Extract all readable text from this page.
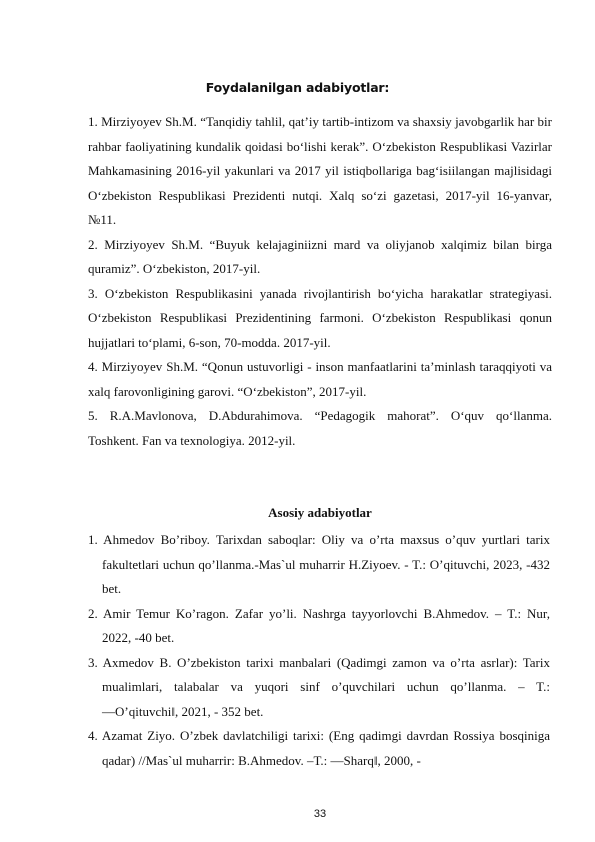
Foydalanilgan adabiyotlar:

1. Mirziyoyev Sh.M. “Tanqidiy tahlil, qat’iy tartib-intizom va shaxsiy javobgarlik har bir rahbar faoliyatining kundalik qoidasi bo‘lishi kerak”. O‘zbekiston Respublikasi Vazirlar Mahkamasining 2016-yil yakunlari va 2017 yil istiqbollariga bag‘isiilangan majlisidagi O‘zbekiston Respublikasi Prezidenti nutqi. Xalq so‘zi gazetasi, 2017-yil 16-yanvar, №11.

2. Mirziyoyev Sh.M. “Buyuk kelajaginiizni mard va oliyjanob xalqimiz bilan birga quramiz”. O‘zbekiston, 2017-yil.

3. O‘zbekiston Respublikasini yanada rivojlantirish bo‘yicha harakatlar strategiyasi. O‘zbekiston Respublikasi Prezidentining farmoni. O‘zbekiston Respublikasi qonun hujjatlari to‘plami, 6-son, 70-modda. 2017-yil.

4. Mirziyoyev Sh.M. “Qonun ustuvorligi - inson manfaatlarini ta’minlash taraqqiyoti va xalq farovonligining garovi. “O‘zbekiston”, 2017-yil.

5. R.A.Mavlonova, D.Abdurahimova. “Pedagogik mahorat”. O‘quv qo‘llanma. Toshkent. Fan va texnologiya. 2012-yil.

Asosiy adabiyotlar

1. Ahmedov Bo’riboy. Tarixdan saboqlar: Oliy va o’rta maxsus o’quv yurtlari tarix fakultetlari uchun qo’llanma.-Mas`ul muharrir H.Ziyoev. - T.: O’qituvchi, 2023, -432 bet.

2. Amir Temur Ko’ragon. Zafar yo’li. Nashrga tayyorlovchi B.Ahmedov. – T.: Nur, 2022, -40 bet.

3. Axmedov B. O’zbekiston tarixi manbalari (Qadimgi zamon va o’rta asrlar): Tarix mualimlari, talabalar va yuqori sinf o’quvchilari uchun qo’llanma. – T.: ―O’qituvchi‖, 2021, - 352 bet.

4. Azamat Ziyo. O’zbek davlatchiligi tarixi: (Eng qadimgi davrdan Rossiya bosqiniga qadar) //Mas`ul muharrir: B.Ahmedov. –T.: ―Sharq‖, 2000, -

33
